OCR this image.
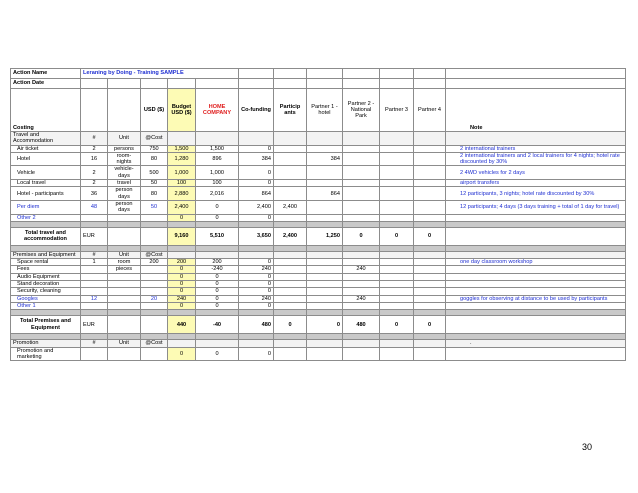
Action Name	Leraning by Doing - Training SAMPLE											
Action Date												
Costing			USD ($)	Budget USD ($)	HOME COMPANY	Co-funding	Particip ants	Partner 1 - hotel	Partner 2 - National Park	Partner 3	Partner 4	Note
Travel and Accommodation	#	Unit	@Cost									
Air ticket	2	persons	750	1,500	1,500	0						2 international trainers
Hotel	16	room-nights	80	1,280	896	384		384				2 international trainers and 2 local trainers for 4 nights; hotel rate discounted by 30%
Vehicle	2	vehicle-days	500	1,000	1,000	0						2 4WD vehicles for 2 days
Local travel	2	travel	50	100	100	0						airport transfers
Hotel - participants	36	person days	80	2,880	2,016	864		864				12 participants, 3 nights; hotel rate discounted by 30%
Per diem	48	person days	50	2,400	0	2,400	2,400					12 participants; 4 days (3 days training + total of 1 day for travel)
Other 2				0	0	0						

Total travel and accommodation	EUR			9,160	5,510	3,650	2,400	1,250	0	0	0	

Premises and Equipment	#	Unit	@Cost									
Space rental	1	room	200	200	200	0						one day classroom workshop
Fees		pieces		0	-240	240			240			
Audio Equipment				0	0	0						
Stand decoration				0	0	0						
Security, cleaning				0	0	0						
Googles	12		20	240	0	240			240			goggles for observing at distance to be used by participants
Other 1				0	0	0						

Total Premises and Equipment	EUR			440	-40	480	0	0	480	0	0	

Promotion	#	Unit	@Cost									.
Promotion and marketing				0	0	0						
30
